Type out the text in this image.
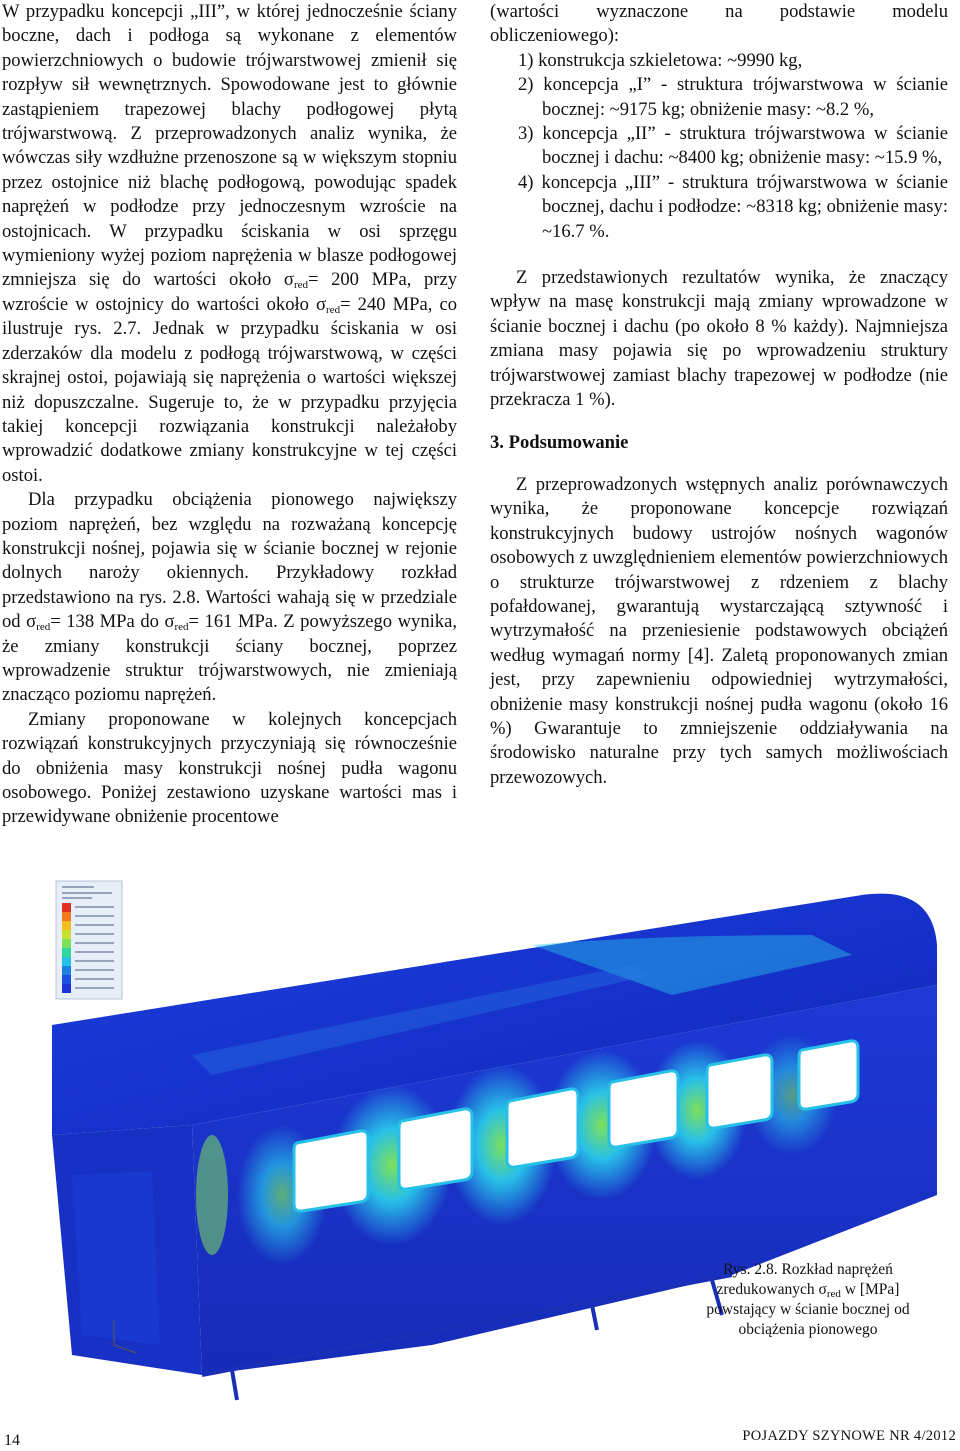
W przypadku koncepcji „III”, w której jednocześnie ściany boczne, dach i podłoga są wykonane z elementów powierzchniowych o budowie trójwarstwowej zmienił się rozpływ sił wewnętrznych. Spowodowane jest to głównie zastąpieniem trapezowej blachy podłogowej płytą trójwarstwową. Z przeprowadzonych analiz wynika, że wówczas siły wzdłużne przenoszone są w większym stopniu przez ostojnice niż blachę podłogową, powodując spadek naprężeń w podłodze przy jednoczesnym wzroście na ostojnicach. W przypadku ściskania w osi sprzęgu wymieniony wyżej poziom naprężenia w blasze podłogowej zmniejsza się do wartości około $\sigma_{red}= 200$ MPa, przy wzroście w ostojnicy do wartości około $\sigma_{red}= 240$ MPa, co ilustruje rys. 2.7. Jednak w przypadku ściskania w osi zderzaków dla modelu z podłogą trójwarstwową, w części skrajnej ostoi, pojawiają się naprężenia o wartości większej niż dopuszczalne. Sugeruje to, że w przypadku przyjęcia takiej koncepcji rozwiązania konstrukcji należałoby wprowadzić dodatkowe zmiany konstrukcyjne w tej części ostoi.

Dla przypadku obciążenia pionowego największy poziom naprężeń, bez względu na rozważaną koncepcję konstrukcji nośnej, pojawia się w ścianie bocznej w rejonie dolnych naroży okiennych. Przykładowy rozkład przedstawiono na rys. 2.8. Wartości wahają się w przedziale od $\sigma_{red}= 138$ MPa do $\sigma_{red}= 161$ MPa. Z powyższego wynika, że zmiany konstrukcji ściany bocznej, poprzez wprowadzenie struktur trójwarstwowych, nie zmieniają znacząco poziomu naprężeń.

Zmiany proponowane w kolejnych koncepcjach rozwiązań konstrukcyjnych przyczyniają się równocześnie do obniżenia masy konstrukcji nośnej pudła wagonu osobowego. Poniżej zestawiono uzyskane wartości mas i przewidywane obniżenie procentowe

(wartości wyznaczone na podstawie modelu obliczeniowego):

1) konstrukcja szkieletowa: ~9990 kg,

2) koncepcja „I” - struktura trójwarstwowa w ścianie bocznej: ~9175 kg; obniżenie masy: ~8.2 %,

3) koncepcja „II” - struktura trójwarstwowa w ścianie bocznej i dachu: ~8400 kg; obniżenie masy: ~15.9 %,

4) koncepcja „III” - struktura trójwarstwowa w ścianie bocznej, dachu i podłodze: ~8318 kg; obniżenie masy: ~16.7 %.

Z przedstawionych rezultatów wynika, że znaczący wpływ na masę konstrukcji mają zmiany wprowadzone w ścianie bocznej i dachu (po około 8 % każdy). Najmniejsza zmiana masy pojawia się po wprowadzeniu struktury trójwarstwowej zamiast blachy trapezowej w podłodze (nie przekracza 1 %).

3. Podsumowanie

Z przeprowadzonych wstępnych analiz porównawczych wynika, że proponowane koncepcje rozwiązań konstrukcyjnych budowy ustrojów nośnych wagonów osobowych z uwzględnieniem elementów powierzchniowych o strukturze trójwarstwowej z rdzeniem z blachy pofałdowanej, gwarantują wystarczającą sztywność i wytrzymałość na przeniesienie podstawowych obciążeń według wymagań normy [4]. Zaletą proponowanych zmian jest, przy zapewnieniu odpowiedniej wytrzymałości, obniżenie masy konstrukcji nośnej pudła wagonu (około 16 %) Gwarantuje to zmniejszenie oddziaływania na środowisko naturalne przy tych samych możliwościach przewozowych.

Rys. 2.8. Rozkład naprężeń zredukowanych $\sigma_{red}$ w [MPa] powstający w ścianie bocznej od obciążenia pionowego
14	POJAZDY SZYNOWE NR 4/2012
